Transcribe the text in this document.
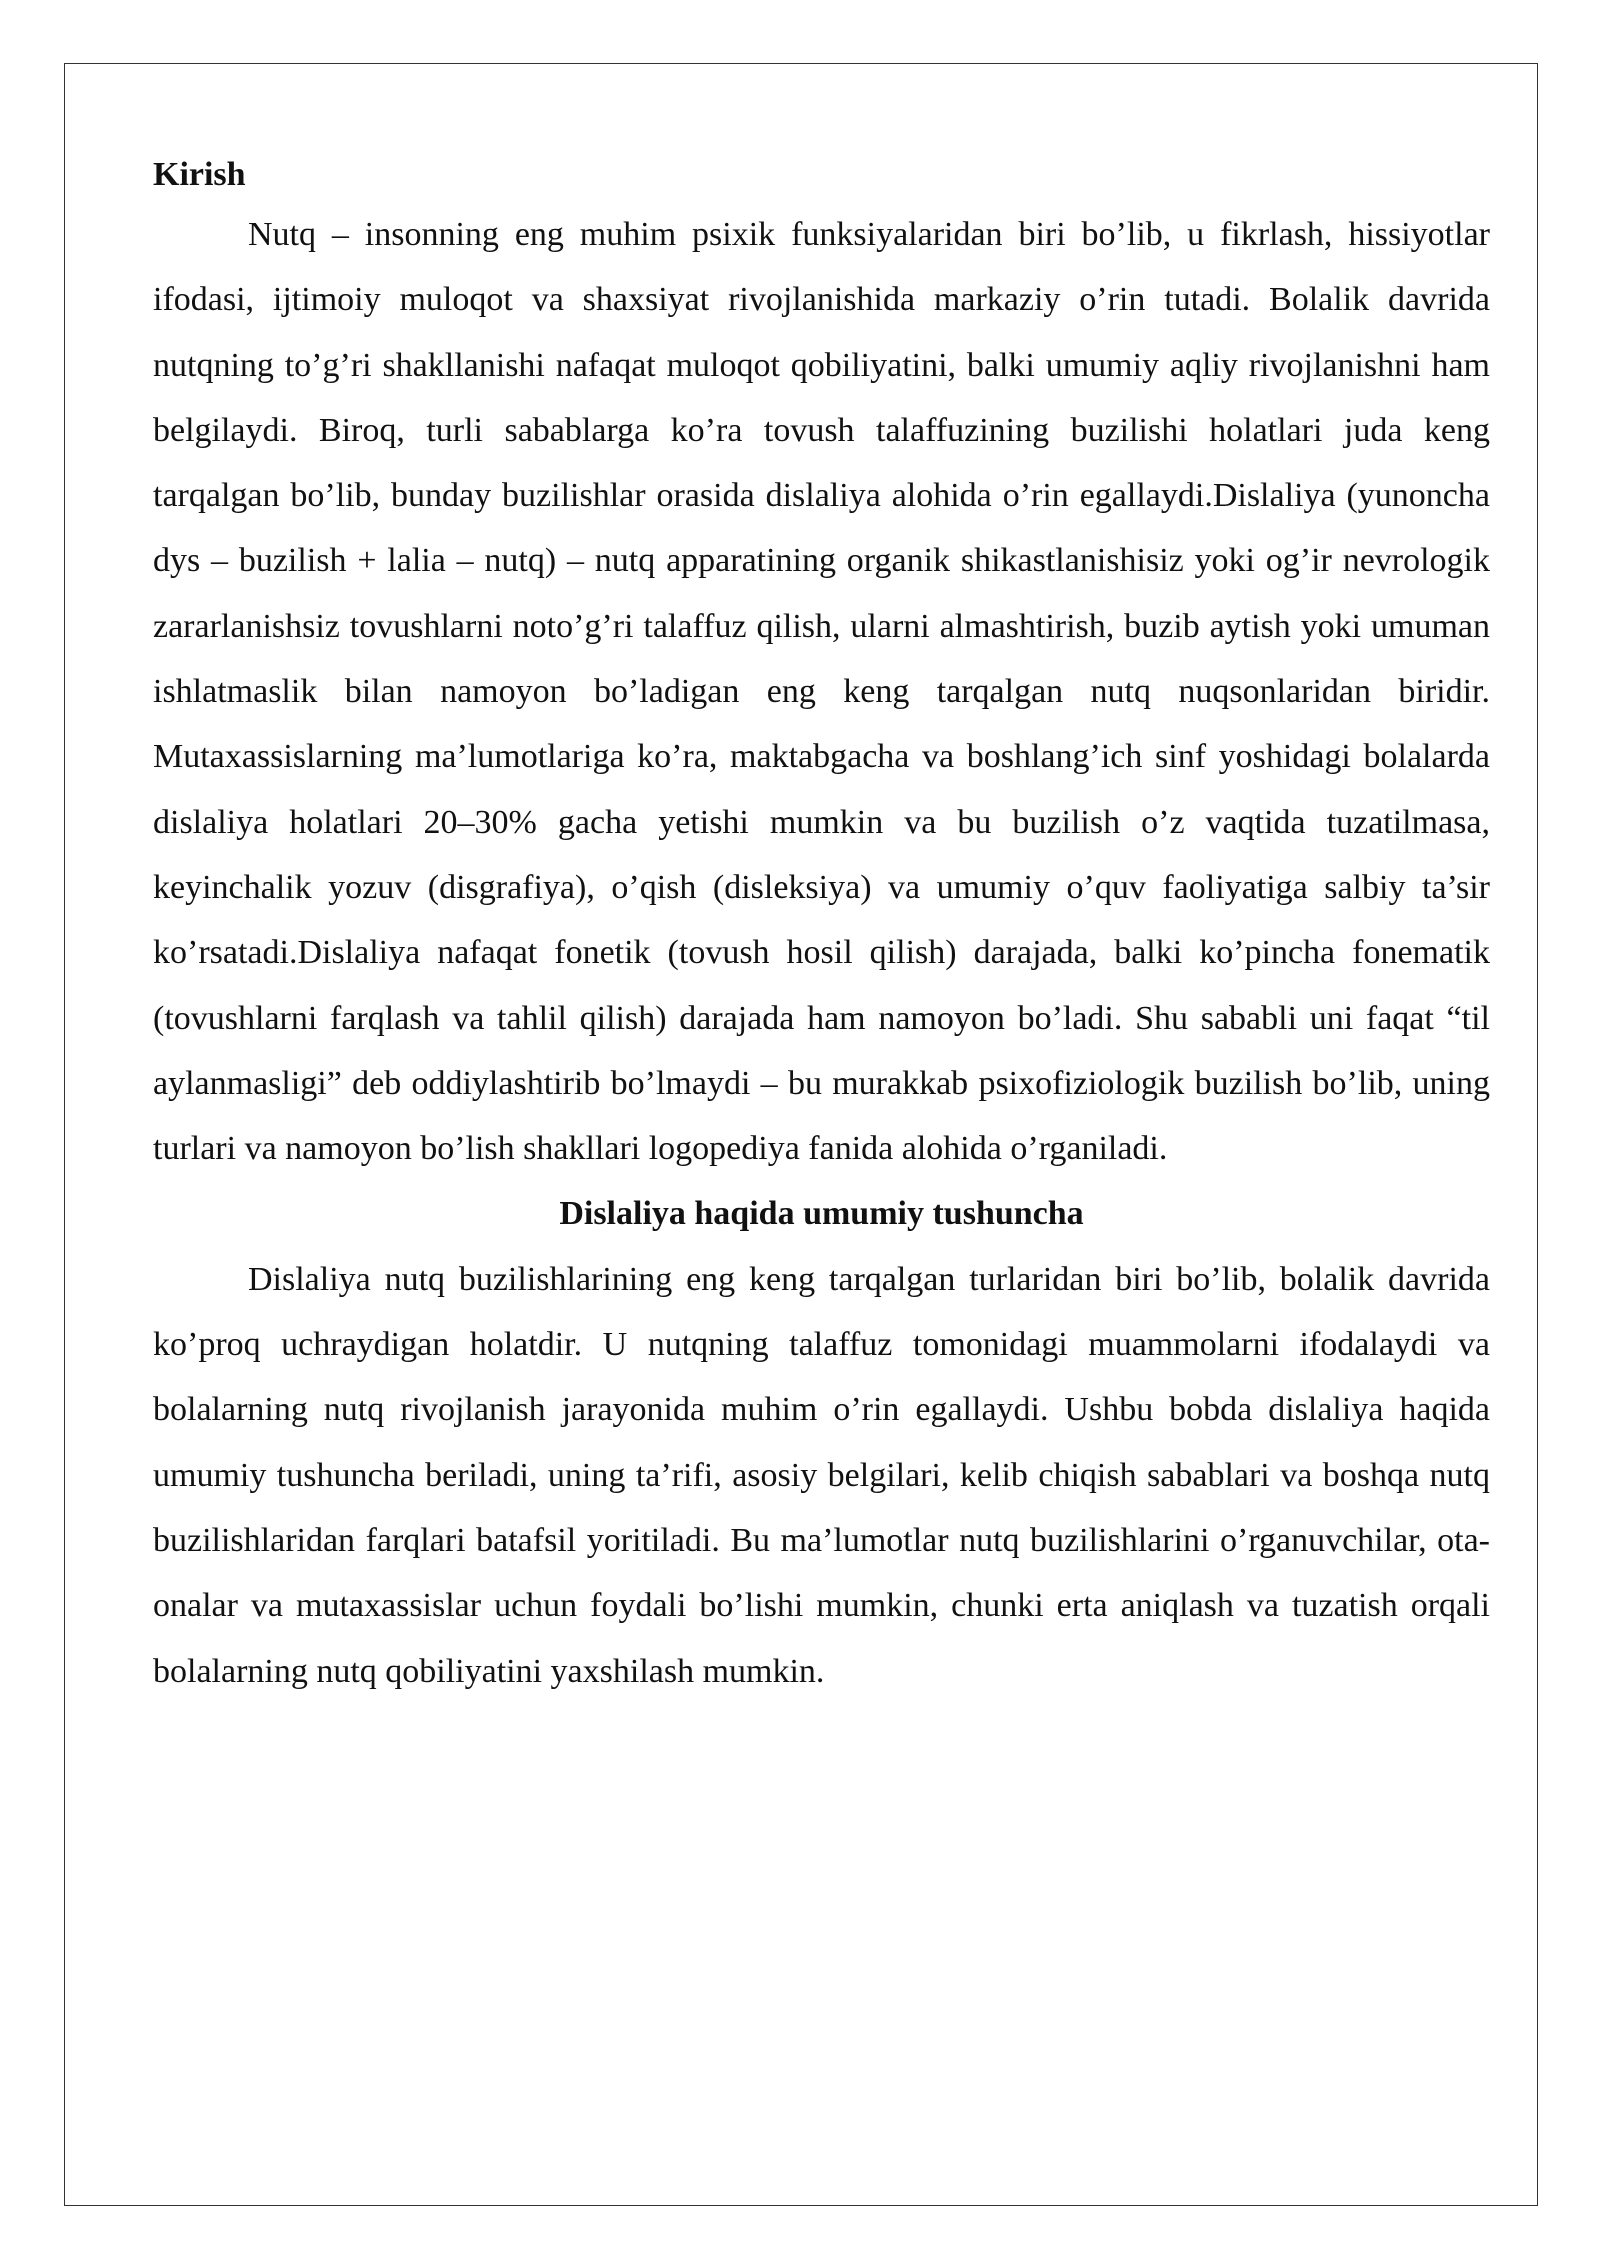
Kirish

Nutq – insonning eng muhim psixik funksiyalaridan biri bo’lib, u fikrlash, hissiyotlar ifodasi, ijtimoiy muloqot va shaxsiyat rivojlanishida markaziy o’rin tutadi. Bolalik davrida nutqning to’g’ri shakllanishi nafaqat muloqot qobiliyatini, balki umumiy aqliy rivojlanishni ham belgilaydi. Biroq, turli sabablarga ko’ra tovush talaffuzining buzilishi holatlari juda keng tarqalgan bo’lib, bunday buzilishlar orasida dislaliya alohida o’rin egallaydi.Dislaliya (yunoncha dys – buzilish + lalia – nutq) – nutq apparatining organik shikastlanishisiz yoki og’ir nevrologik zararlanishsiz tovushlarni noto’g’ri talaffuz qilish, ularni almashtirish, buzib aytish yoki umuman ishlatmaslik bilan namoyon bo’ladigan eng keng tarqalgan nutq nuqsonlaridan biridir. Mutaxassislarning ma’lumotlariga ko’ra, maktabgacha va boshlang’ich sinf yoshidagi bolalarda dislaliya holatlari 20–30% gacha yetishi mumkin va bu buzilish o’z vaqtida tuzatilmasa, keyinchalik yozuv (disgrafiya), o’qish (disleksiya) va umumiy o’quv faoliyatiga salbiy ta’sir ko’rsatadi.Dislaliya nafaqat fonetik (tovush hosil qilish) darajada, balki ko’pincha fonematik (tovushlarni farqlash va tahlil qilish) darajada ham namoyon bo’ladi. Shu sababli uni faqat “til aylanmasligi” deb oddiylashtirib bo’lmaydi – bu murakkab psixofiziologik buzilish bo’lib, uning turlari va namoyon bo’lish shakllari logopediya fanida alohida o’rganiladi.

Dislaliya haqida umumiy tushuncha

Dislaliya nutq buzilishlarining eng keng tarqalgan turlaridan biri bo’lib, bolalik davrida ko’proq uchraydigan holatdir. U nutqning talaffuz tomonidagi muammolarni ifodalaydi va bolalarning nutq rivojlanish jarayonida muhim o’rin egallaydi. Ushbu bobda dislaliya haqida umumiy tushuncha beriladi, uning ta’rifi, asosiy belgilari, kelib chiqish sabablari va boshqa nutq buzilishlaridan farqlari batafsil yoritiladi. Bu ma’lumotlar nutq buzilishlarini o’rganuvchilar, ota-onalar va mutaxassislar uchun foydali bo’lishi mumkin, chunki erta aniqlash va tuzatish orqali bolalarning nutq qobiliyatini yaxshilash mumkin.
